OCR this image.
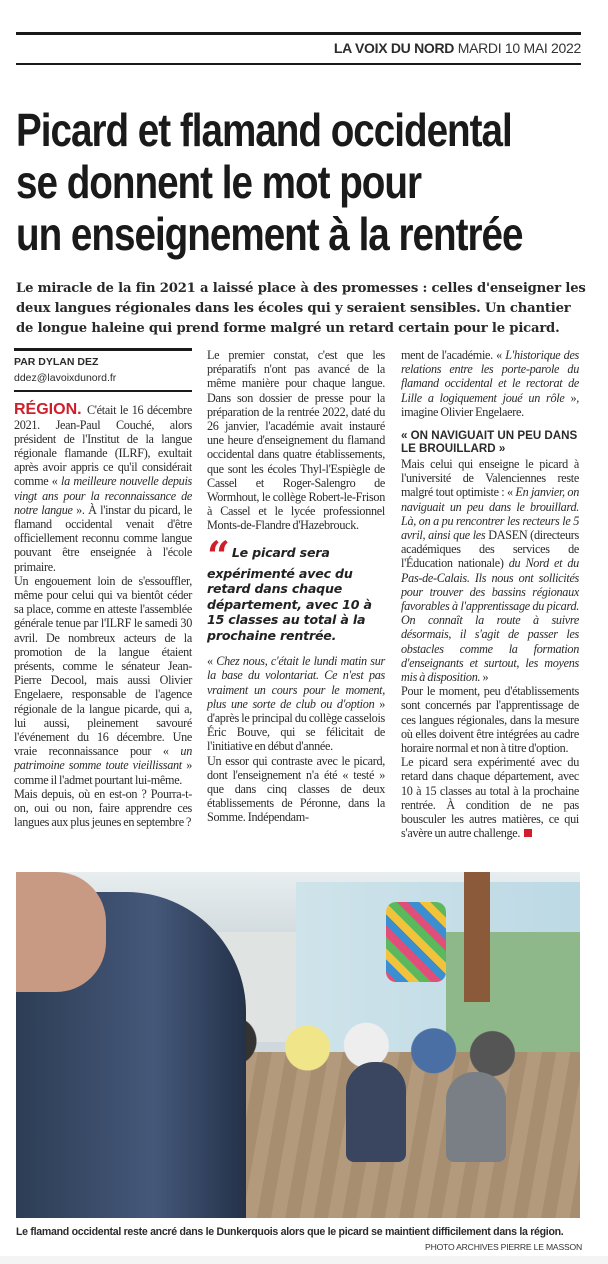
LA VOIX DU NORD MARDI 10 MAI 2022
Picard et flamand occidental
se donnent le mot pour
un enseignement à la rentrée
Le miracle de la fin 2021 a laissé place à des promesses : celles d'enseigner les deux langues régionales dans les écoles qui y seraient sensibles. Un chantier de longue haleine qui prend forme malgré un retard certain pour le picard.
PAR DYLAN DEZ
ddez@lavoixdunord.fr

RÉGION. C'était le 16 décembre 2021. Jean-Paul Couché, alors président de l'Institut de la langue régionale flamande (ILRF), exultait après avoir appris ce qu'il considérait comme « la meilleure nouvelle depuis vingt ans pour la reconnaissance de notre langue ». À l'instar du picard, le flamand occidental venait d'être officiellement reconnu comme langue pouvant être enseignée à l'école primaire.

Un engouement loin de s'essouffler, même pour celui qui va bientôt céder sa place, comme en atteste l'assemblée générale tenue par l'ILRF le samedi 30 avril. De nombreux acteurs de la promotion de la langue étaient présents, comme le sénateur Jean-Pierre Decool, mais aussi Olivier Engelaere, responsable de l'agence régionale de la langue picarde, qui a, lui aussi, pleinement savouré l'événement du 16 décembre. Une vraie reconnaissance pour « un patrimoine somme toute vieillissant » comme il l'admet pourtant lui-même.

Mais depuis, où en est-on ? Pourra-t-on, oui ou non, faire apprendre ces langues aux plus jeunes en septembre ?

Le premier constat, c'est que les préparatifs n'ont pas avancé de la même manière pour chaque langue. Dans son dossier de presse pour la préparation de la rentrée 2022, daté du 26 janvier, l'académie avait instauré une heure d'enseignement du flamand occidental dans quatre établissements, que sont les écoles Thyl-l'Espiègle de Cassel et Roger-Salengro de Wormhout, le collège Robert-le-Frison à Cassel et le lycée professionnel Monts-de-Flandre d'Hazebrouck.

“ Le picard sera expérimenté avec du retard dans chaque département, avec 10 à 15 classes au total à la prochaine rentrée.

« Chez nous, c'était le lundi matin sur la base du volontariat. Ce n'est pas vraiment un cours pour le moment, plus une sorte de club ou d'option » d'après le principal du collège casselois Éric Bouve, qui se félicitait de l'initiative en début d'année.

Un essor qui contraste avec le picard, dont l'enseignement n'a été « testé » que dans cinq classes de deux établissements de Péronne, dans la Somme. Indépendam-

ment de l'académie. « L'historique des relations entre les porte-parole du flamand occidental et le rectorat de Lille a logiquement joué un rôle », imagine Olivier Engelaere.

« ON NAVIGUAIT UN PEU DANS LE BROUILLARD »

Mais celui qui enseigne le picard à l'université de Valenciennes reste malgré tout optimiste : « En janvier, on naviguait un peu dans le brouillard. Là, on a pu rencontrer les recteurs le 5 avril, ainsi que les DASEN (directeurs académiques des services de l'Éducation nationale) du Nord et du Pas-de-Calais. Ils nous ont sollicités pour trouver des bassins régionaux favorables à l'apprentissage du picard. On connaît la route à suivre désormais, il s'agit de passer les obstacles comme la formation d'enseignants et surtout, les moyens mis à disposition. »

Pour le moment, peu d'établissements sont concernés par l'apprentissage de ces langues régionales, dans la mesure où elles doivent être intégrées au cadre horaire normal et non à titre d'option.

Le picard sera expérimenté avec du retard dans chaque département, avec 10 à 15 classes au total à la prochaine rentrée. À condition de ne pas bousculer les autres matières, ce qui s'avère un autre challenge.

Le flamand occidental reste ancré dans le Dunkerquois alors que le picard se maintient difficilement dans la région.
PHOTO ARCHIVES PIERRE LE MASSON
